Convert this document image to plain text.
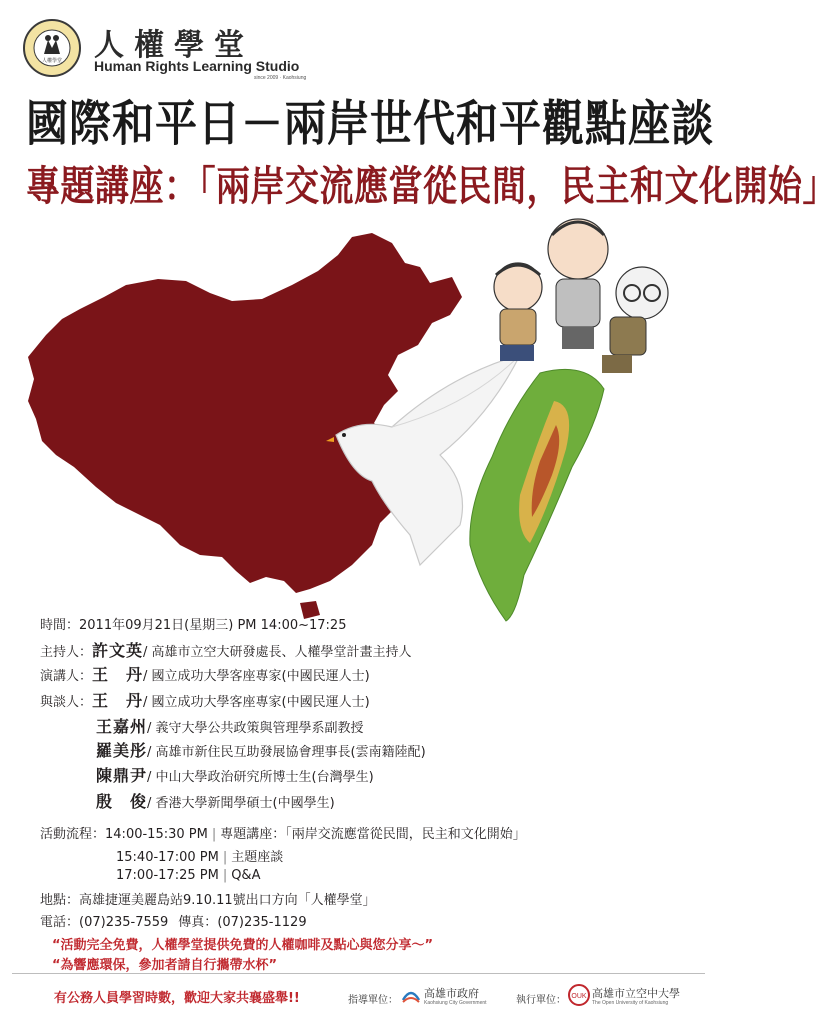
人權學堂 人權學堂
Human Rights Learning Studio
since 2009 · Kaohsiung
國際和平日－兩岸世代和平觀點座談
專題講座：「兩岸交流應當從民間，民主和文化開始」
時間：2011年09月21日(星期三) PM 14:00~17:25
主持人：許文英/ 高雄市立空大研發處長、人權學堂計畫主持人
演講人：王　丹/ 國立成功大學客座專家(中國民運人士)
與談人：王　丹/ 國立成功大學客座專家(中國民運人士)
王嘉州/ 義守大學公共政策與管理學系副教授
羅美彤/ 高雄市新住民互助發展協會理事長(雲南籍陸配)
陳鼎尹/ 中山大學政治研究所博士生(台灣學生)
殷　俊/ 香港大學新聞學碩士(中國學生)
活動流程：14:00-15:30 PM | 專題講座：「兩岸交流應當從民間，民主和文化開始」
15:40-17:00 PM | 主題座談
17:00-17:25 PM | Q&A
地點：高雄捷運美麗島站9.10.11號出口方向「人權學堂」
電話：(07)235-7559 傳真：(07)235-1129
“活動完全免費，人權學堂提供免費的人權咖啡及點心與您分享～”
“為響應環保，參加者請自行攜帶水杯”
有公務人員學習時數，歡迎大家共襄盛舉!!	指導單位：
高雄市政府
Kaohsiung City Government	執行單位： OUK 高雄市立空中大學
The Open University of Kaohsiung
